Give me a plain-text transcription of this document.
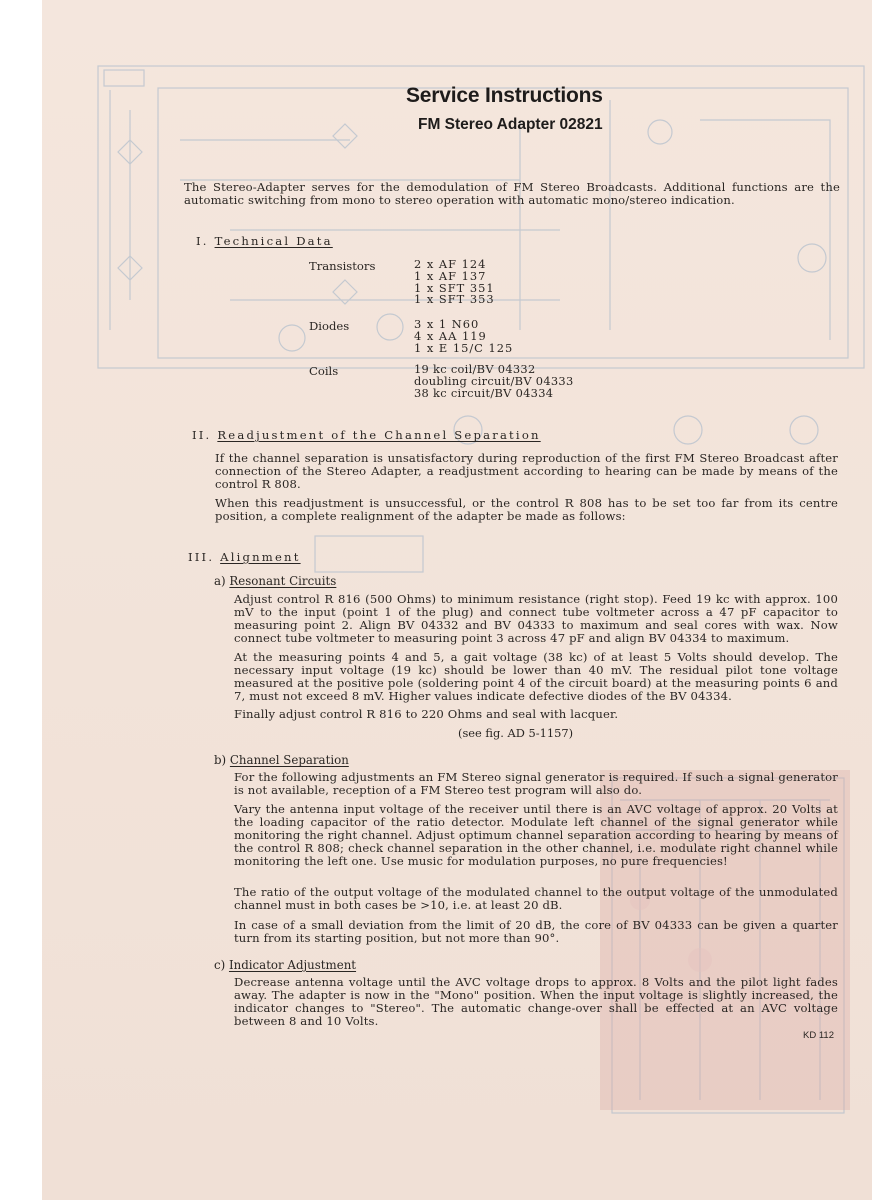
Service Instructions
FM Stereo Adapter 02821

The Stereo-Adapter serves for the demodulation of FM Stereo Broadcasts. Additional functions are the automatic switching from mono to stereo operation with automatic mono/stereo indication.

I. Technical Data
Transistors	2 x AF 124
1 x AF 137
1 x SFT 351
1 x SFT 353
Diodes	3 x 1 N60
4 x AA 119
1 x E 15/C 125
Coils	19 kc coil/BV 04332
doubling circuit/BV 04333
38 kc circuit/BV 04334
II. Readjustment of the Channel Separation

If the channel separation is unsatisfactory during reproduction of the first FM Stereo Broadcast after connection of the Stereo Adapter, a readjustment according to hearing can be made by means of the control R 808.

When this readjustment is unsuccessful, or the control R 808 has to be set too far from its centre position, a complete realignment of the adapter be made as follows:

III. Alignment
a) Resonant Circuits

Adjust control R 816 (500 Ohms) to minimum resistance (right stop). Feed 19 kc with approx. 100 mV to the input (point 1 of the plug) and connect tube voltmeter across a 47 pF capacitor to measuring point 2. Align BV 04332 and BV 04333 to maximum and seal cores with wax. Now connect tube voltmeter to measuring point 3 across 47 pF and align BV 04334 to maximum.

At the measuring points 4 and 5, a gait voltage (38 kc) of at least 5 Volts should develop. The necessary input voltage (19 kc) should be lower than 40 mV. The residual pilot tone voltage measured at the positive pole (soldering point 4 of the circuit board) at the measuring points 6 and 7, must not exceed 8 mV. Higher values indicate defective diodes of the BV 04334.

Finally adjust control R 816 to 220 Ohms and seal with lacquer.

(see fig. AD 5-1157)
b) Channel Separation

For the following adjustments an FM Stereo signal generator is required. If such a signal generator is not available, reception of a FM Stereo test program will also do.

Vary the antenna input voltage of the receiver until there is an AVC voltage of approx. 20 Volts at the loading capacitor of the ratio detector. Modulate left channel of the signal generator while monitoring the right channel. Adjust optimum channel separation according to hearing by means of the control R 808; check channel separation in the other channel, i.e. modulate right channel while monitoring the left one. Use music for modulation purposes, no pure frequencies!

The ratio of the output voltage of the modulated channel to the output voltage of the unmodulated channel must in both cases be >10, i.e. at least 20 dB.

In case of a small deviation from the limit of 20 dB, the core of BV 04333 can be given a quarter turn from its starting position, but not more than 90°.

c) Indicator Adjustment

Decrease antenna voltage until the AVC voltage drops to approx. 8 Volts and the pilot light fades away. The adapter is now in the "Mono" position. When the input voltage is slightly increased, the indicator changes to "Stereo". The automatic change-over shall be effected at an AVC voltage between 8 and 10 Volts.

KD 112
